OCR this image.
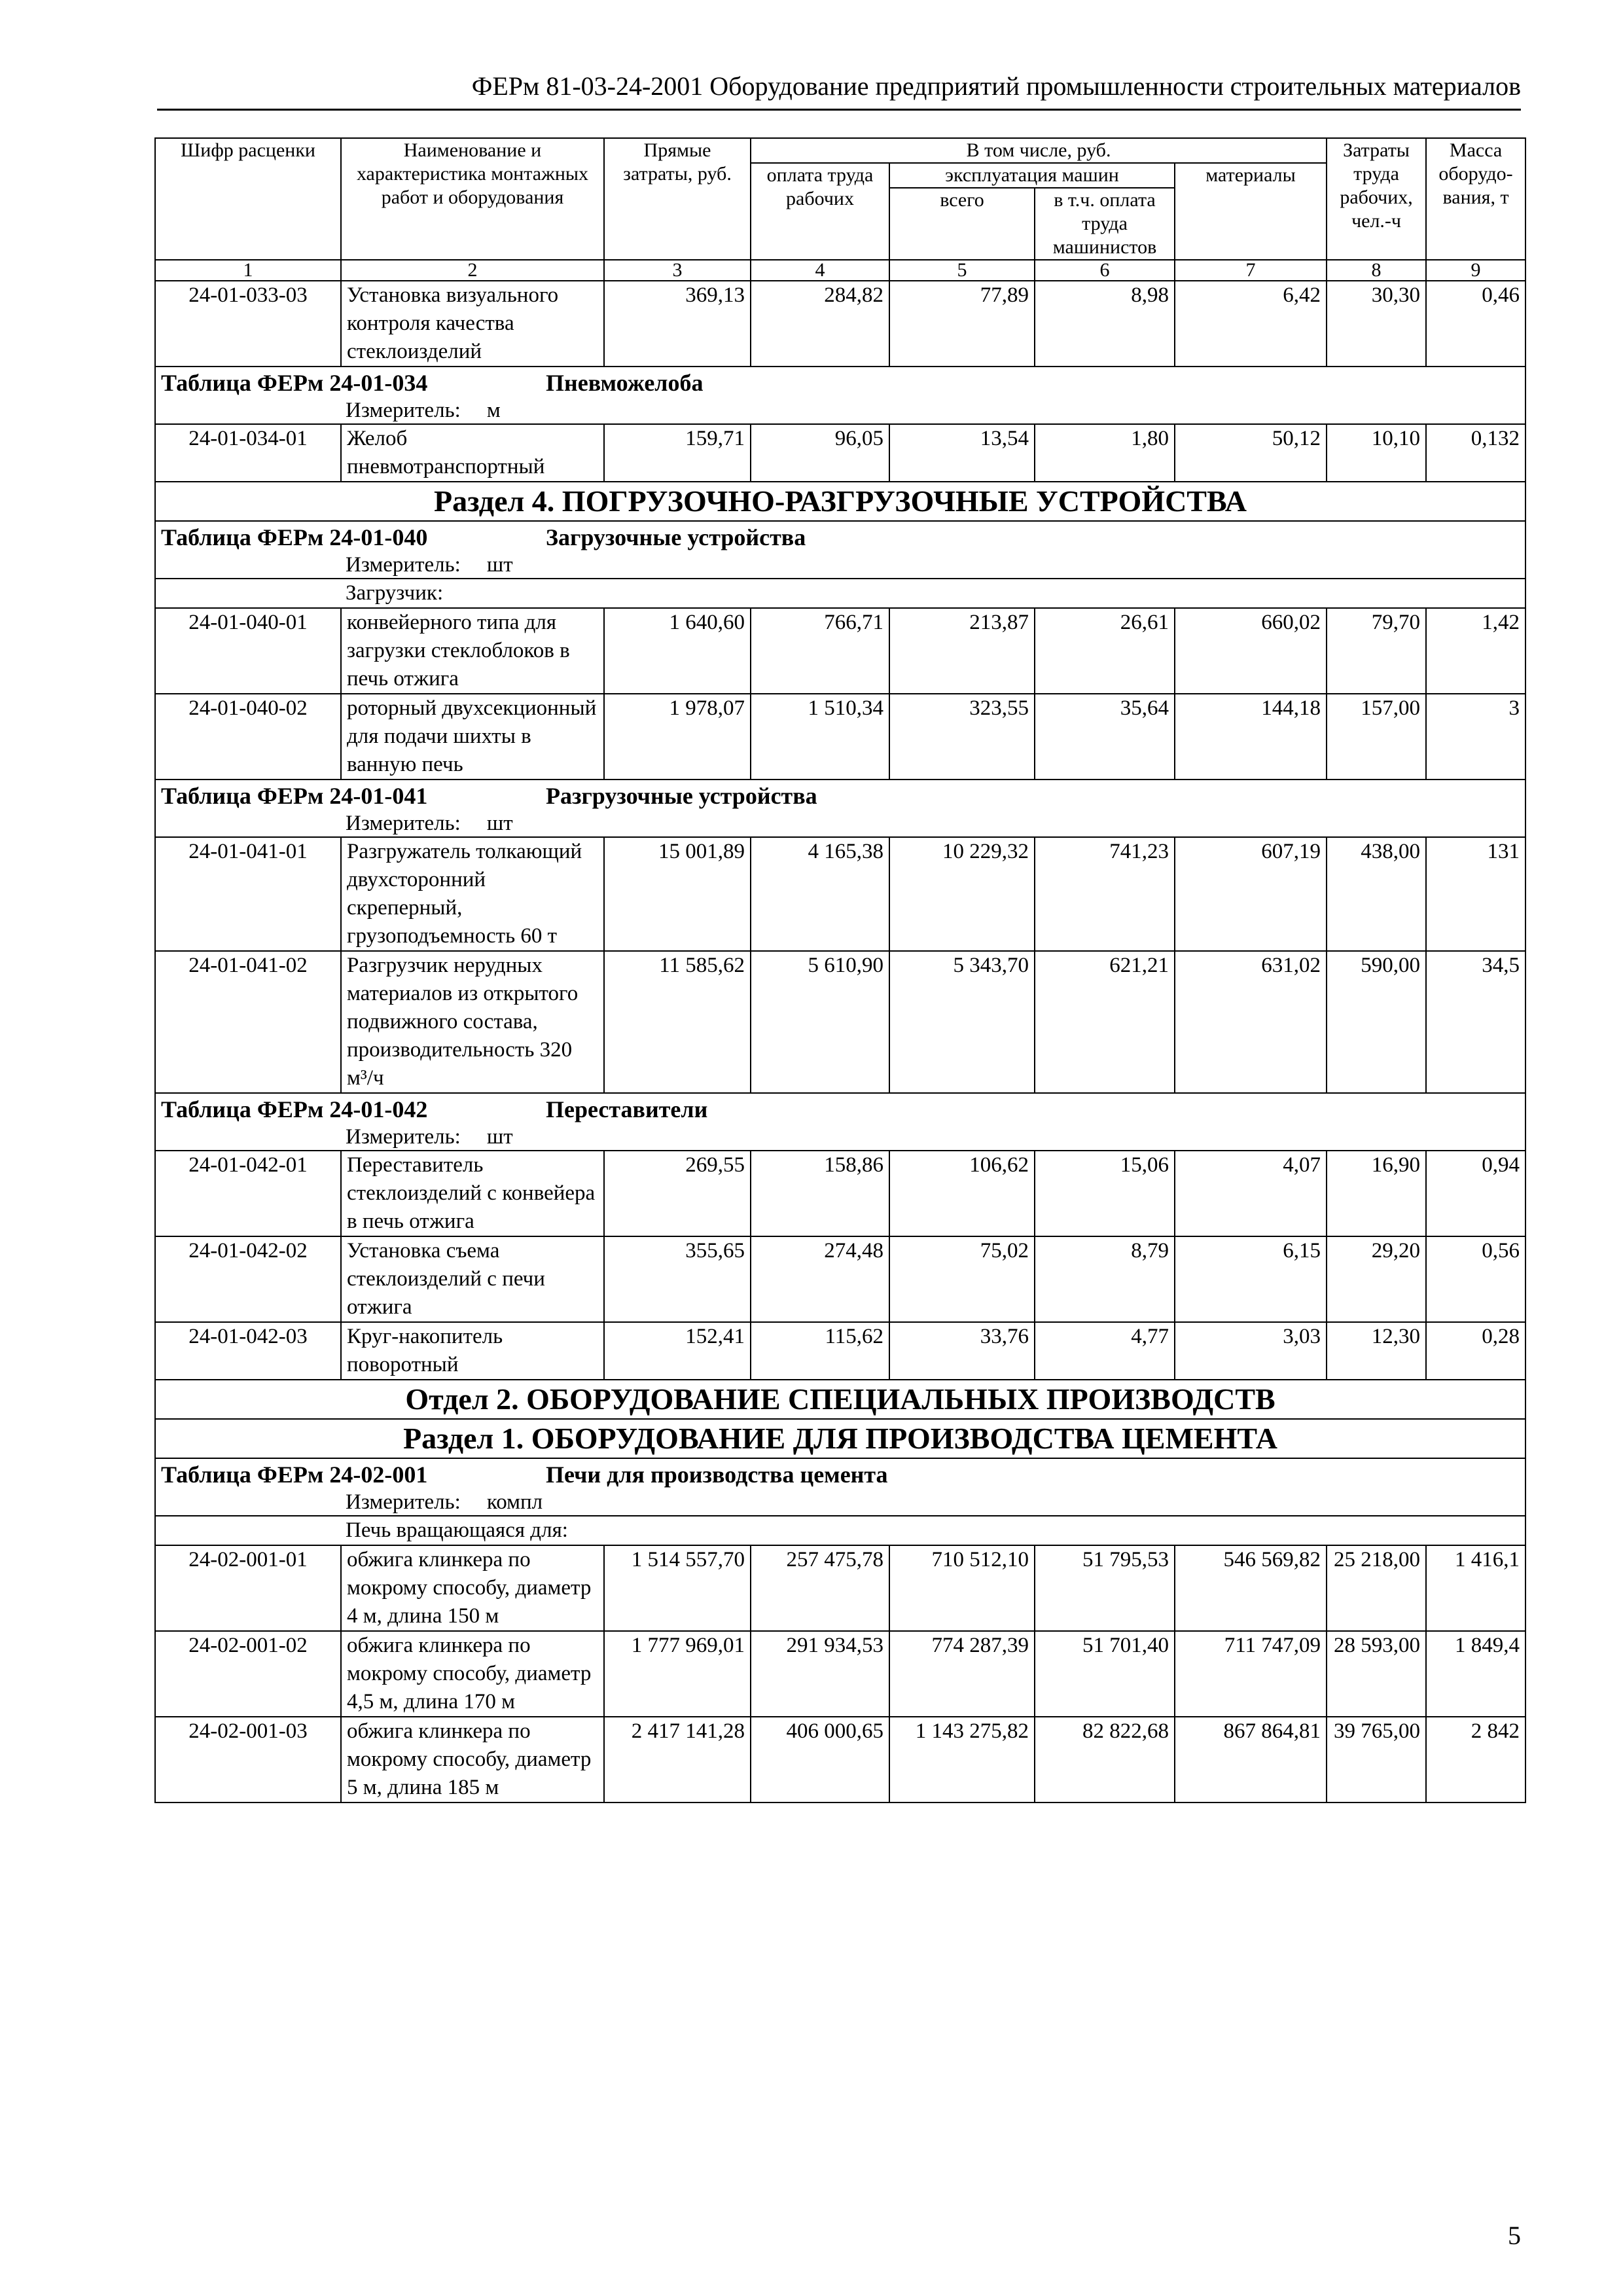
ФЕРм 81-03-24-2001 Оборудование предприятий промышленности строительных материалов
Шифр расценки	Наименование и характеристика монтажных работ и оборудования	Прямые затраты, руб.	В том числе, руб.				Затраты труда рабочих, чел.-ч	Масса оборудо-вания, т
			оплата труда рабочих	эксплуатация машин		материалы		
				всего	в т.ч. оплата труда машинистов			
1	2	3	4	5	6	7	8	9
24-01-033-03	Установка визуального контроля качества стеклоизделий	369,13	284,82	77,89	8,98	6,42	30,30	0,46
Таблица ФЕРм 24-01-034 Пневможелоба
Измеритель: м								

24-01-034-01	Желоб пневмотранспортный	159,71	96,05	13,54	1,80	50,12	10,10	0,132
Раздел 4. ПОГРУЗОЧНО-РАЗГРУЗОЧНЫЕ УСТРОЙСТВА								
Таблица ФЕРм 24-01-040 Загрузочные устройства
Измеритель: шт								

Загрузчик:								
24-01-040-01	конвейерного типа для загрузки стеклоблоков в печь отжига	1 640,60	766,71	213,87	26,61	660,02	79,70	1,42
24-01-040-02	роторный двухсекционный для подачи шихты в ванную печь	1 978,07	1 510,34	323,55	35,64	144,18	157,00	3
Таблица ФЕРм 24-01-041 Разгрузочные устройства
Измеритель: шт								

24-01-041-01	Разгружатель толкающий двухсторонний скреперный, грузоподъемность 60 т	15 001,89	4 165,38	10 229,32	741,23	607,19	438,00	131
24-01-041-02	Разгрузчик нерудных материалов из открытого подвижного состава, производительность 320 м³/ч	11 585,62	5 610,90	5 343,70	621,21	631,02	590,00	34,5
Таблица ФЕРм 24-01-042 Переставители
Измеритель: шт								

24-01-042-01	Переставитель стеклоизделий с конвейера в печь отжига	269,55	158,86	106,62	15,06	4,07	16,90	0,94
24-01-042-02	Установка съема стеклоизделий с печи отжига	355,65	274,48	75,02	8,79	6,15	29,20	0,56
24-01-042-03	Круг-накопитель поворотный	152,41	115,62	33,76	4,77	3,03	12,30	0,28
Отдел 2. ОБОРУДОВАНИЕ СПЕЦИАЛЬНЫХ ПРОИЗВОДСТВ								
Раздел 1. ОБОРУДОВАНИЕ ДЛЯ ПРОИЗВОДСТВА ЦЕМЕНТА								
Таблица ФЕРм 24-02-001 Печи для производства цемента
Измеритель: компл								

Печь вращающаяся для:								
24-02-001-01	обжига клинкера по мокрому способу, диаметр 4 м, длина 150 м	1 514 557,70	257 475,78	710 512,10	51 795,53	546 569,82	25 218,00	1 416,1
24-02-001-02	обжига клинкера по мокрому способу, диаметр 4,5 м, длина 170 м	1 777 969,01	291 934,53	774 287,39	51 701,40	711 747,09	28 593,00	1 849,4
24-02-001-03	обжига клинкера по мокрому способу, диаметр 5 м, длина 185 м	2 417 141,28	406 000,65	1 143 275,82	82 822,68	867 864,81	39 765,00	2 842
5
